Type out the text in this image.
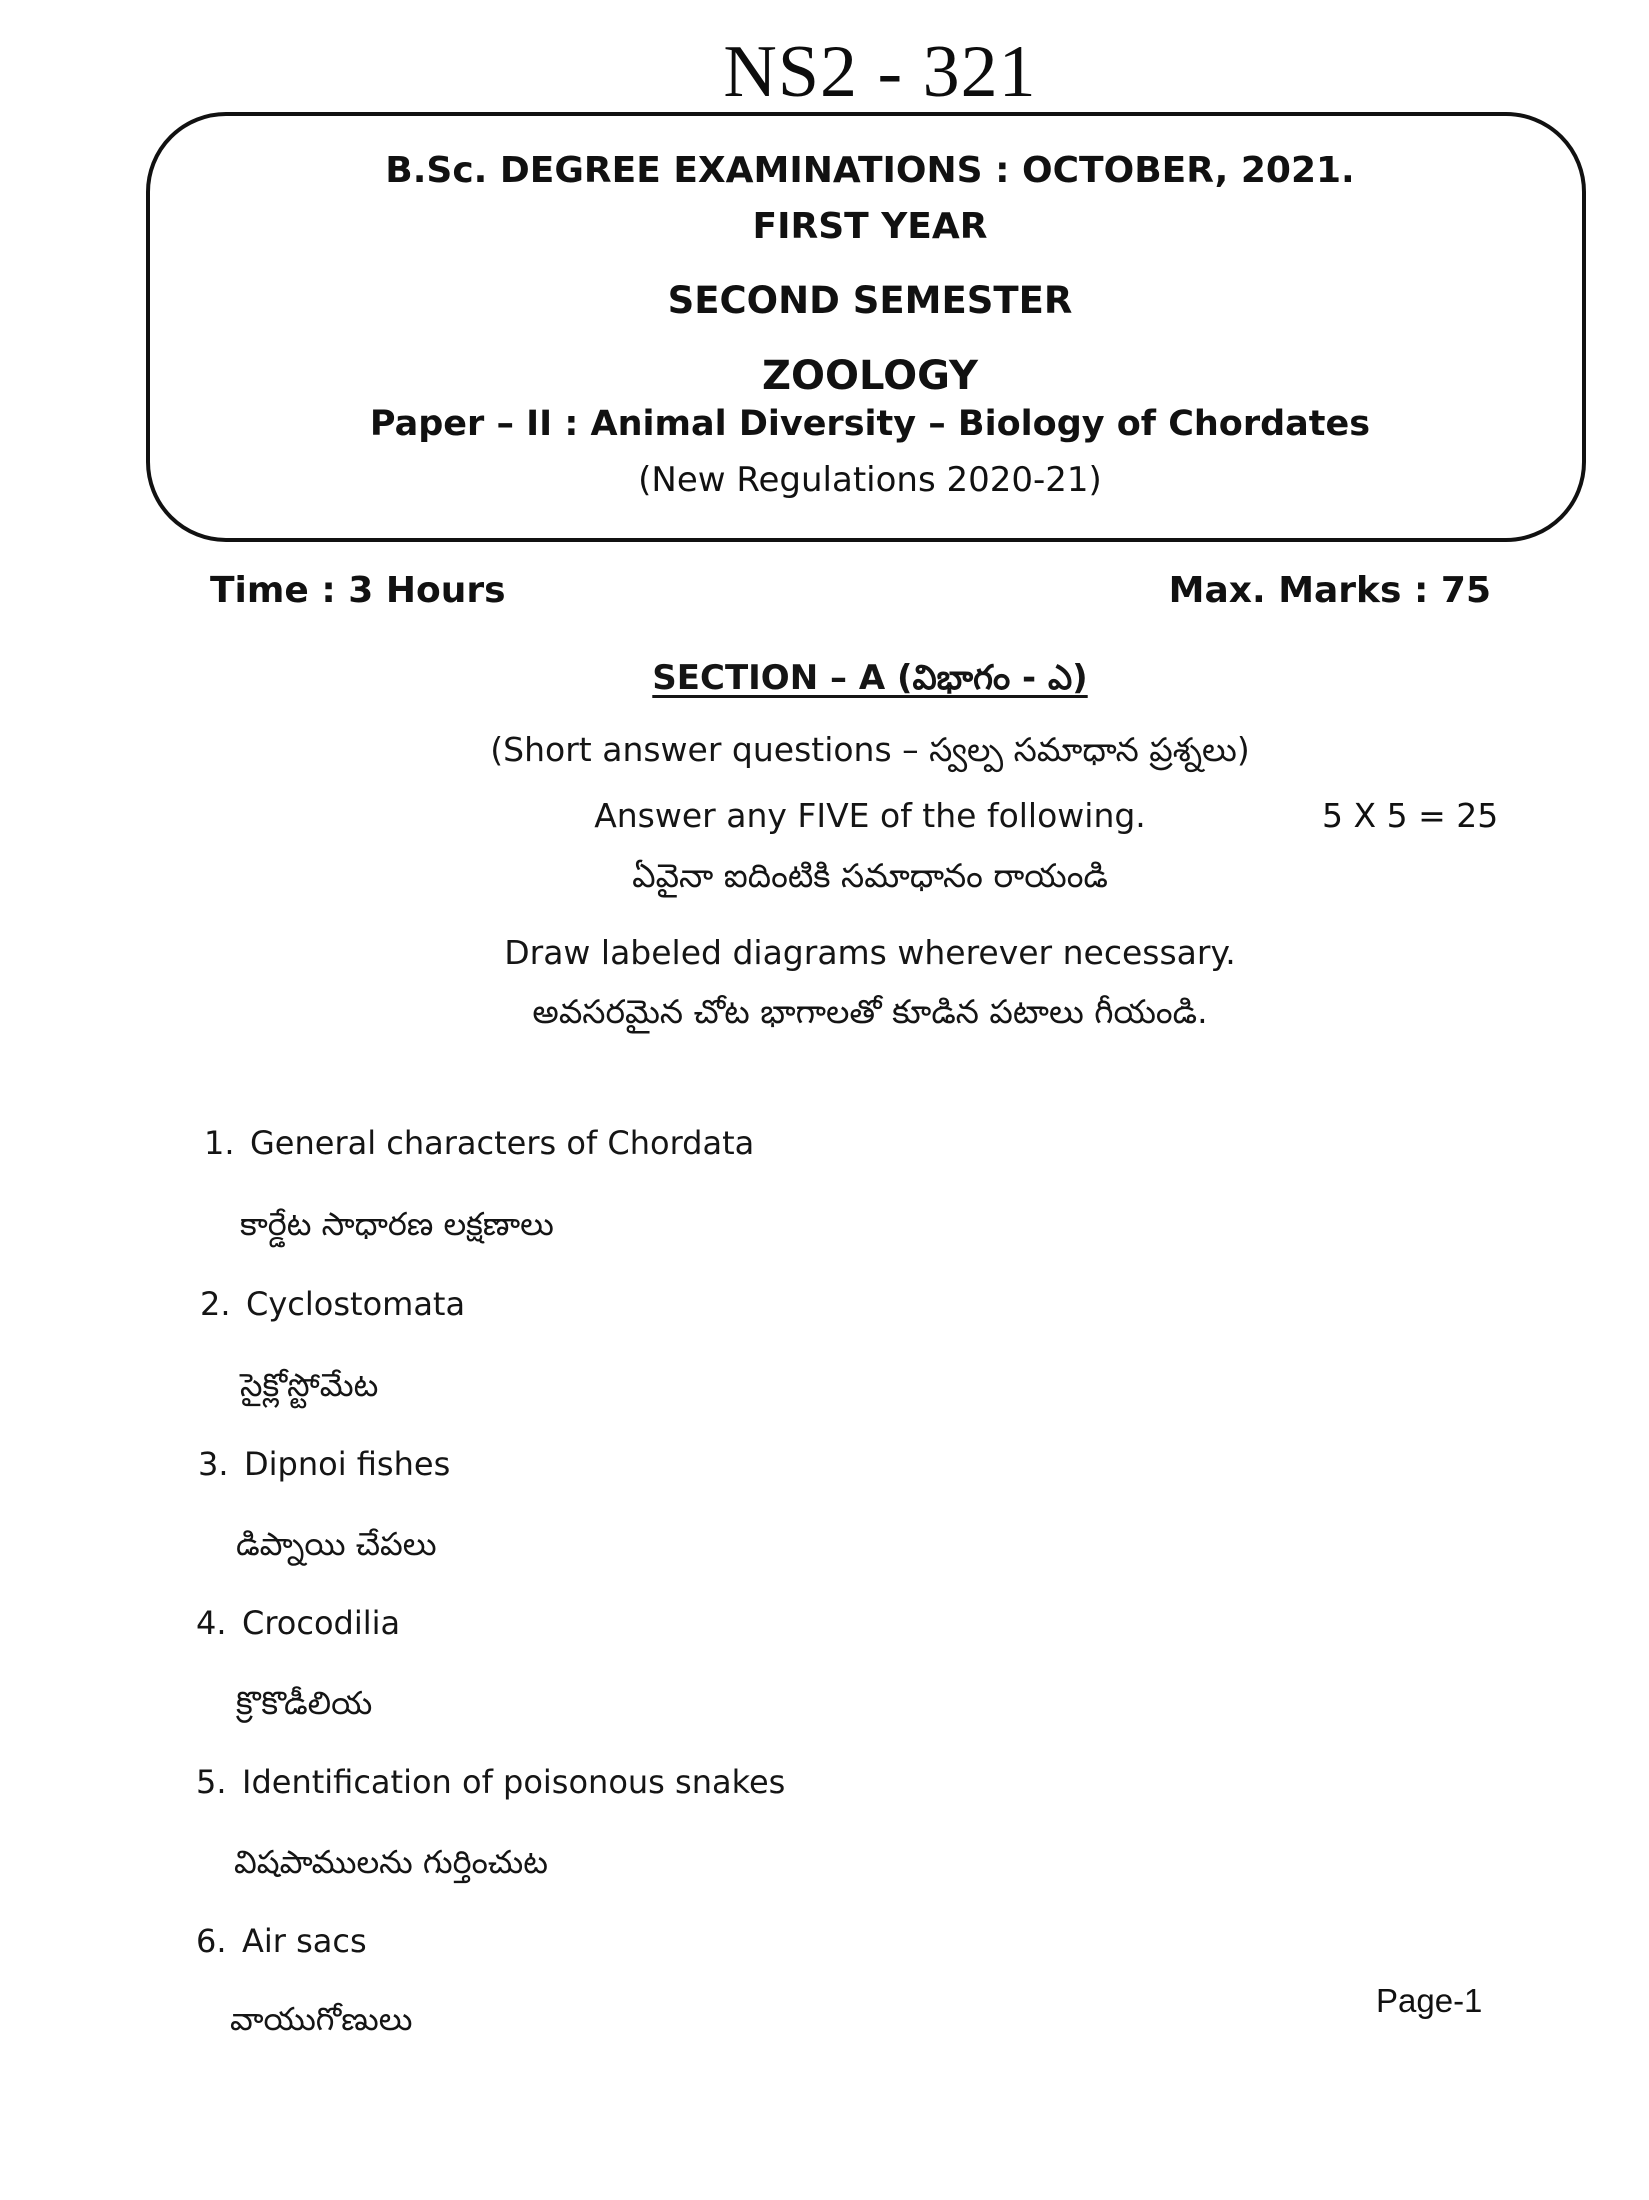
NS2 - 321
B.Sc. DEGREE EXAMINATIONS : OCTOBER, 2021.
FIRST YEAR
SECOND SEMESTER
ZOOLOGY
Paper – II : Animal Diversity – Biology of Chordates
(New Regulations 2020-21)
Time : 3 Hours	Max. Marks : 75
SECTION – A (విభాగం - ఎ)
(Short answer questions – స్వల్ప సమాధాన ప్రశ్నలు)
Answer any FIVE of the following.	5 X 5 = 25
ఏవైనా ఐదింటికి సమాధానం రాయండి
Draw labeled diagrams wherever necessary.
అవసరమైన చోట భాగాలతో కూడిన పటాలు గీయండి.
1. General characters of Chordata
కార్డేట సాధారణ లక్షణాలు
2. Cyclostomata
సైక్లోస్టోమేట
3. Dipnoi fishes
డిప్నాయి చేపలు
4. Crocodilia
క్రొకొడీలియ
5. Identification of poisonous snakes
విషపాములను గుర్తించుట
6. Air sacs
వాయుగోణులు	Page-1
